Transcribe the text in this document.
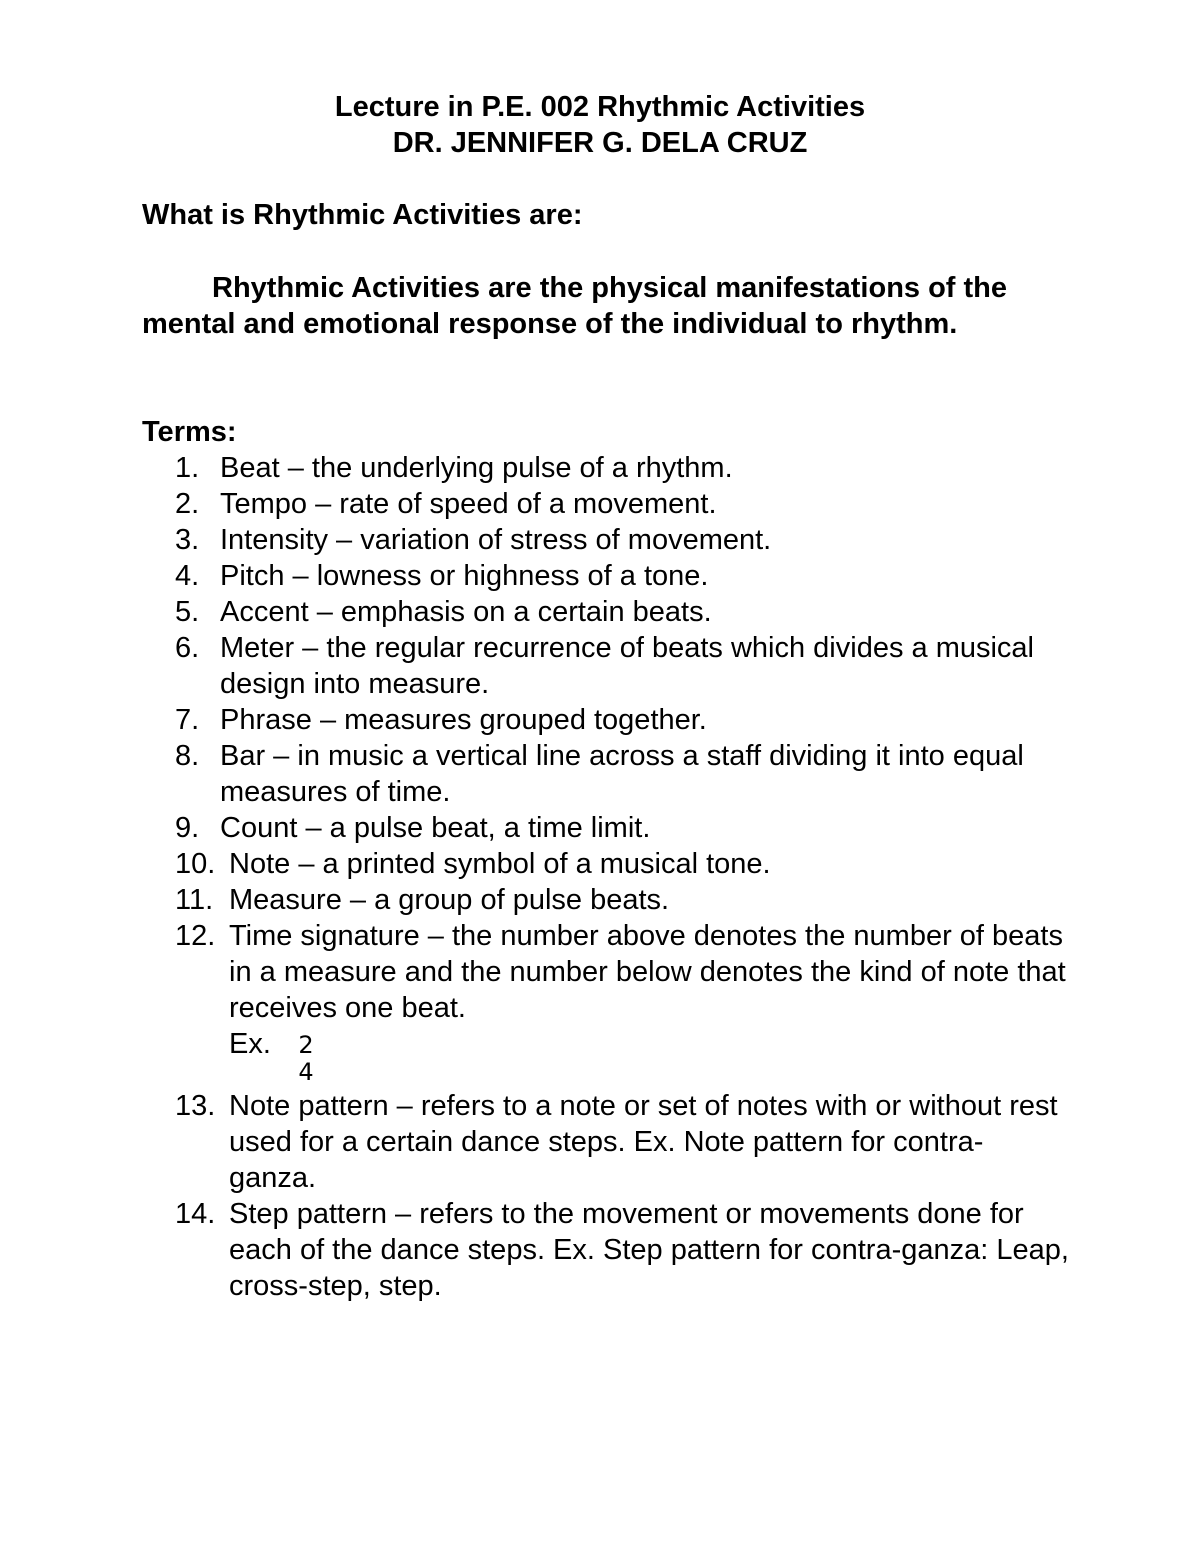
Lecture in P.E. 002 Rhythmic Activities
DR. JENNIFER G. DELA CRUZ
What is Rhythmic Activities are:
Rhythmic Activities are the physical manifestations of the mental and emotional response of the individual to rhythm.
Terms:
1. Beat – the underlying pulse of a rhythm.
2. Tempo – rate of speed of a movement.
3. Intensity – variation of stress of movement.
4. Pitch – lowness or highness of a tone.
5. Accent – emphasis on a certain beats.
6. Meter – the regular recurrence of beats which divides a musical design into measure.
7. Phrase – measures grouped together.
8. Bar – in music a vertical line across a staff dividing it into equal measures of time.
9. Count – a pulse beat, a time limit.
10. Note – a printed symbol of a musical tone.
11. Measure – a group of pulse beats.
12. Time signature – the number above denotes the number of beats in a measure and the number below denotes the kind of note that receives one beat.
Ex. 2
4
13. Note pattern – refers to a note or set of notes with or without rest used for a certain dance steps. Ex. Note pattern for contra-ganza.
14. Step pattern – refers to the movement or movements done for each of the dance steps. Ex. Step pattern for contra-ganza: Leap, cross-step, step.
